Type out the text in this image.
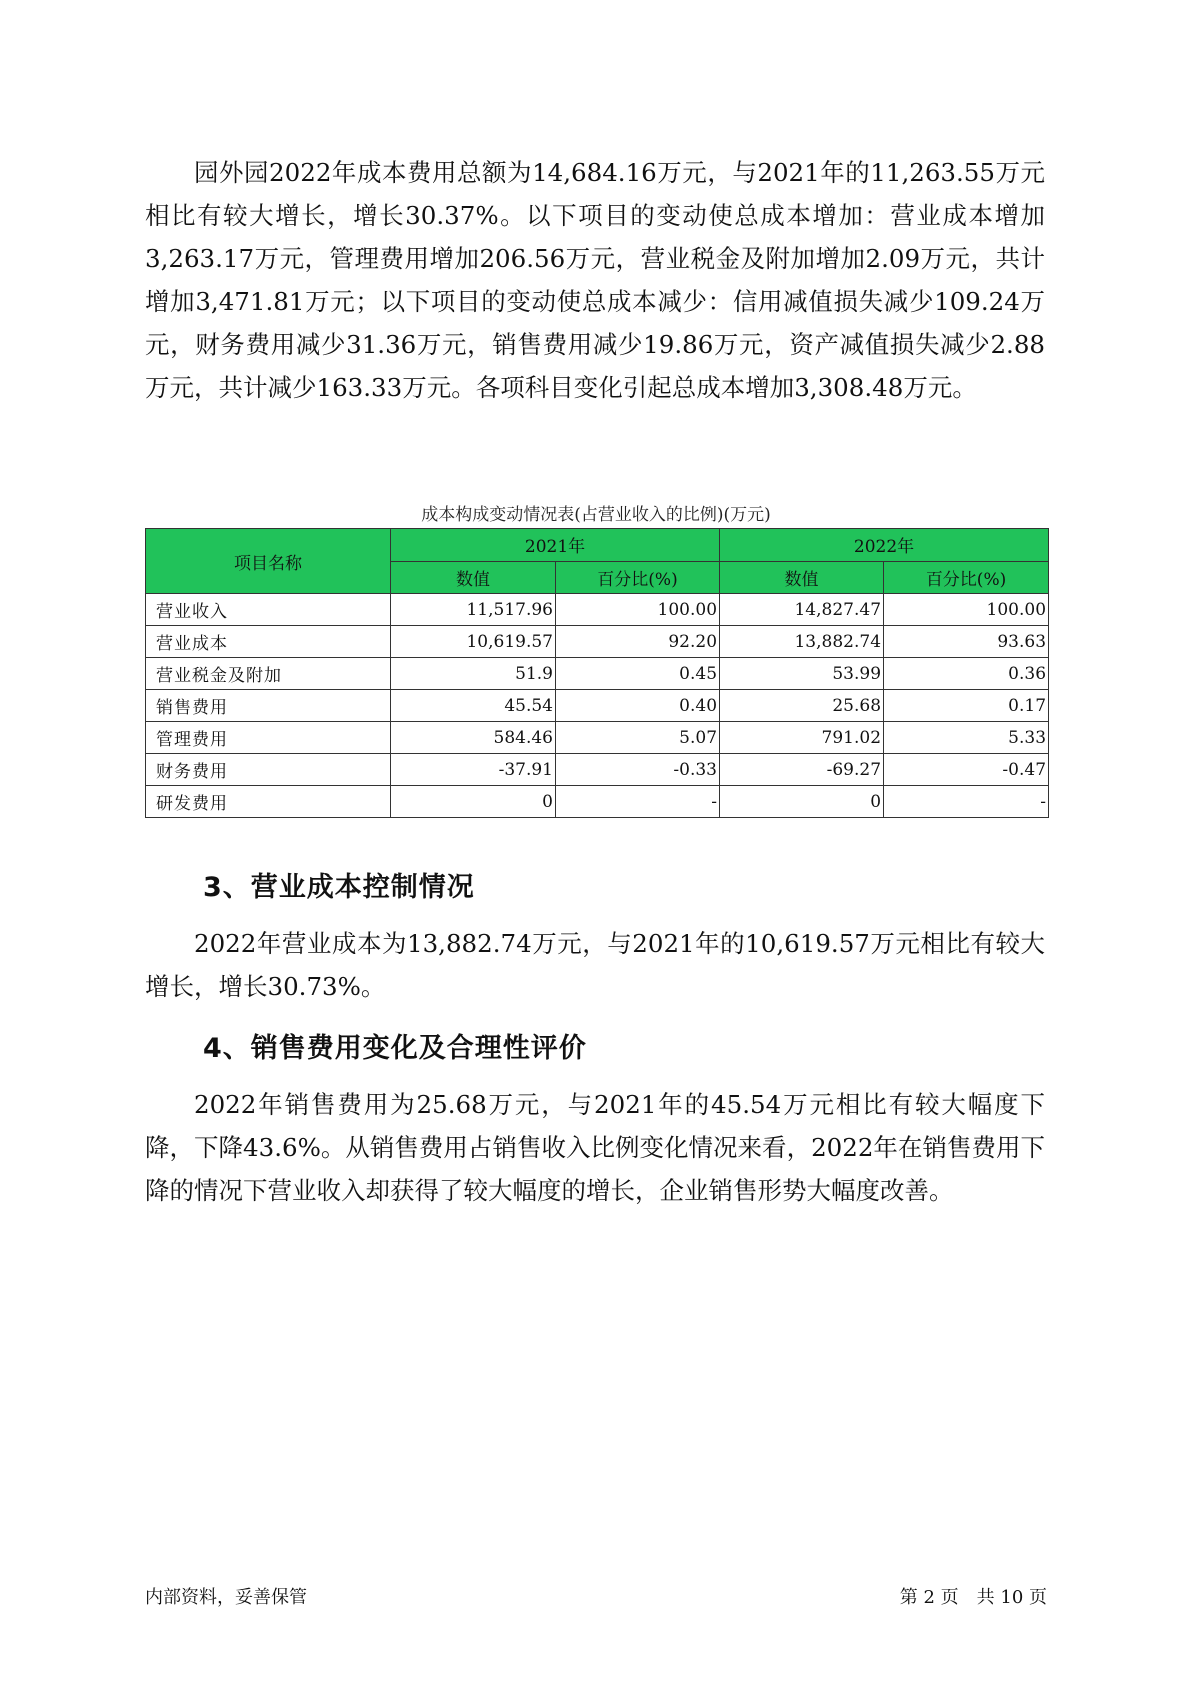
园外园2022年成本费用总额为14,684.16万元，与2021年的11,263.55万元相比有较大增长，增长30.37%。以下项目的变动使总成本增加：营业成本增加3,263.17万元，管理费用增加206.56万元，营业税金及附加增加2.09万元，共计增加3,471.81万元；以下项目的变动使总成本减少：信用减值损失减少109.24万元，财务费用减少31.36万元，销售费用减少19.86万元，资产减值损失减少2.88万元，共计减少163.33万元。各项科目变化引起总成本增加3,308.48万元。

成本构成变动情况表(占营业收入的比例)(万元)
项目名称	2021年		2022年	
	数值	百分比(%)	数值	百分比(%)
营业收入	11,517.96	100.00	14,827.47	100.00
营业成本	10,619.57	92.20	13,882.74	93.63
营业税金及附加	51.9	0.45	53.99	0.36
销售费用	45.54	0.40	25.68	0.17
管理费用	584.46	5.07	791.02	5.33
财务费用	-37.91	-0.33	-69.27	-0.47
研发费用	0	-	0	-
3、营业成本控制情况

2022年营业成本为13,882.74万元，与2021年的10,619.57万元相比有较大增长，增长30.73%。

4、销售费用变化及合理性评价

2022年销售费用为25.68万元，与2021年的45.54万元相比有较大幅度下降，下降43.6%。从销售费用占销售收入比例变化情况来看，2022年在销售费用下降的情况下营业收入却获得了较大幅度的增长，企业销售形势大幅度改善。

内部资料，妥善保管	第 2 页　共 10 页
